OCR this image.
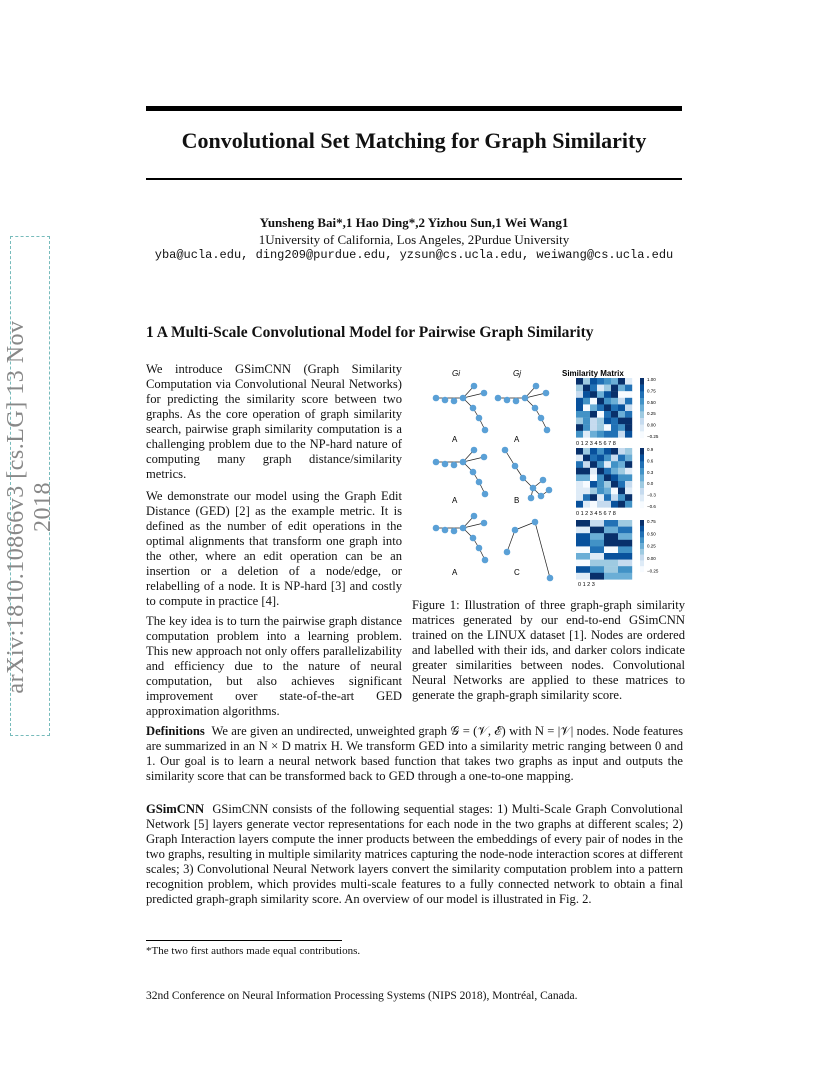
Convolutional Set Matching for Graph Similarity
Yunsheng Bai*,1 Hao Ding*,2 Yizhou Sun,1 Wei Wang1
1University of California, Los Angeles, 2Purdue University
yba@ucla.edu, ding209@purdue.edu, yzsun@cs.ucla.edu, weiwang@cs.ucla.edu
arXiv:1810.10866v3 [cs.LG] 13 Nov 2018
1 A Multi-Scale Convolutional Model for Pairwise Graph Similarity
We introduce GSimCNN (Graph Similarity Computation via Convolutional Neural Networks) for predicting the similarity score between two graphs. As the core operation of graph similarity search, pairwise graph similarity computation is a challenging problem due to the NP-hard nature of computing many graph distance/similarity metrics.
We demonstrate our model using the Graph Edit Distance (GED) [2] as the example metric. It is defined as the number of edit operations in the optimal alignments that transform one graph into the other, where an edit operation can be an insertion or a deletion of a node/edge, or relabelling of a node. It is NP-hard [3] and costly to compute in practice [4].
The key idea is to turn the pairwise graph distance computation problem into a learning problem. This new approach not only offers parallelizability and efficiency due to the nature of neural computation, but also achieves significant improvement over state-of-the-art GED approximation algorithms.
Gi	Gj	Similarity Matrix
1.00
0.75
0.50
0.25
0.00
−0.25
0.9
0.6
0.3
0.0
−0.3
−0.6
0.75
0.50
0.25
0.00
−0.25
A	A
A	B
A	C
0 1 2 3 4 5 6 7 8
0 1 2 3 4 5 6 7 8
0 1 2 3
Figure 1: Illustration of three graph-graph similarity matrices generated by our end-to-end GSimCNN trained on the LINUX dataset [1]. Nodes are ordered and labelled with their ids, and darker colors indicate greater similarities between nodes. Convolutional Neural Networks are applied to these matrices to generate the graph-graph similarity score.
Definitions We are given an undirected, unweighted graph 𝒢 = (𝒱, ℰ) with N = |𝒱| nodes. Node features are summarized in an N × D matrix H. We transform GED into a similarity metric ranging between 0 and 1. Our goal is to learn a neural network based function that takes two graphs as input and outputs the similarity score that can be transformed back to GED through a one-to-one mapping.
GSimCNN GSimCNN consists of the following sequential stages: 1) Multi-Scale Graph Convolutional Network [5] layers generate vector representations for each node in the two graphs at different scales; 2) Graph Interaction layers compute the inner products between the embeddings of every pair of nodes in the two graphs, resulting in multiple similarity matrices capturing the node-node interaction scores at different scales; 3) Convolutional Neural Network layers convert the similarity computation problem into a pattern recognition problem, which provides multi-scale features to a fully connected network to obtain a final predicted graph-graph similarity score. An overview of our model is illustrated in Fig. 2.
*The two first authors made equal contributions.
32nd Conference on Neural Information Processing Systems (NIPS 2018), Montréal, Canada.
